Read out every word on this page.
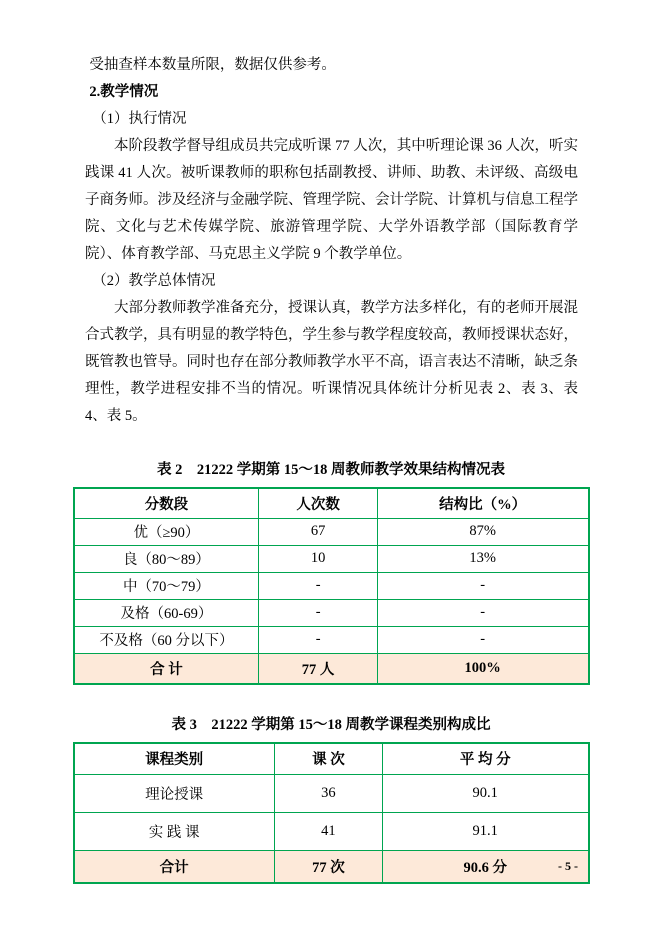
受抽查样本数量所限，数据仅供参考。

2.教学情况

（1）执行情况

本阶段教学督导组成员共完成听课 77 人次，其中听理论课 36 人次，听实践课 41 人次。被听课教师的职称包括副教授、讲师、助教、未评级、高级电子商务师。涉及经济与金融学院、管理学院、会计学院、计算机与信息工程学院、文化与艺术传媒学院、旅游管理学院、大学外语教学部（国际教育学院）、体育教学部、马克思主义学院 9 个教学单位。

（2）教学总体情况

大部分教师教学准备充分，授课认真，教学方法多样化，有的老师开展混合式教学，具有明显的教学特色，学生参与教学程度较高，教师授课状态好，既管教也管导。同时也存在部分教师教学水平不高，语言表达不清晰，缺乏条理性，教学进程安排不当的情况。听课情况具体统计分析见表 2、表 3、表 4、表 5。

表 2　21222 学期第 15～18 周教师教学效果结构情况表

分数段	人次数	结构比（%）
优（≥90）	67	87%
良（80～89）	10	13%
中（70～79）	-	-
及格（60-69）	-	-
不及格（60 分以下）	-	-
合 计	77 人	100%

表 3　21222 学期第 15～18 周教学课程类别构成比

课程类别	课 次	平 均 分
理论授课	36	90.1
实 践 课	41	91.1
合计	77 次	90.6 分	- 5 -
